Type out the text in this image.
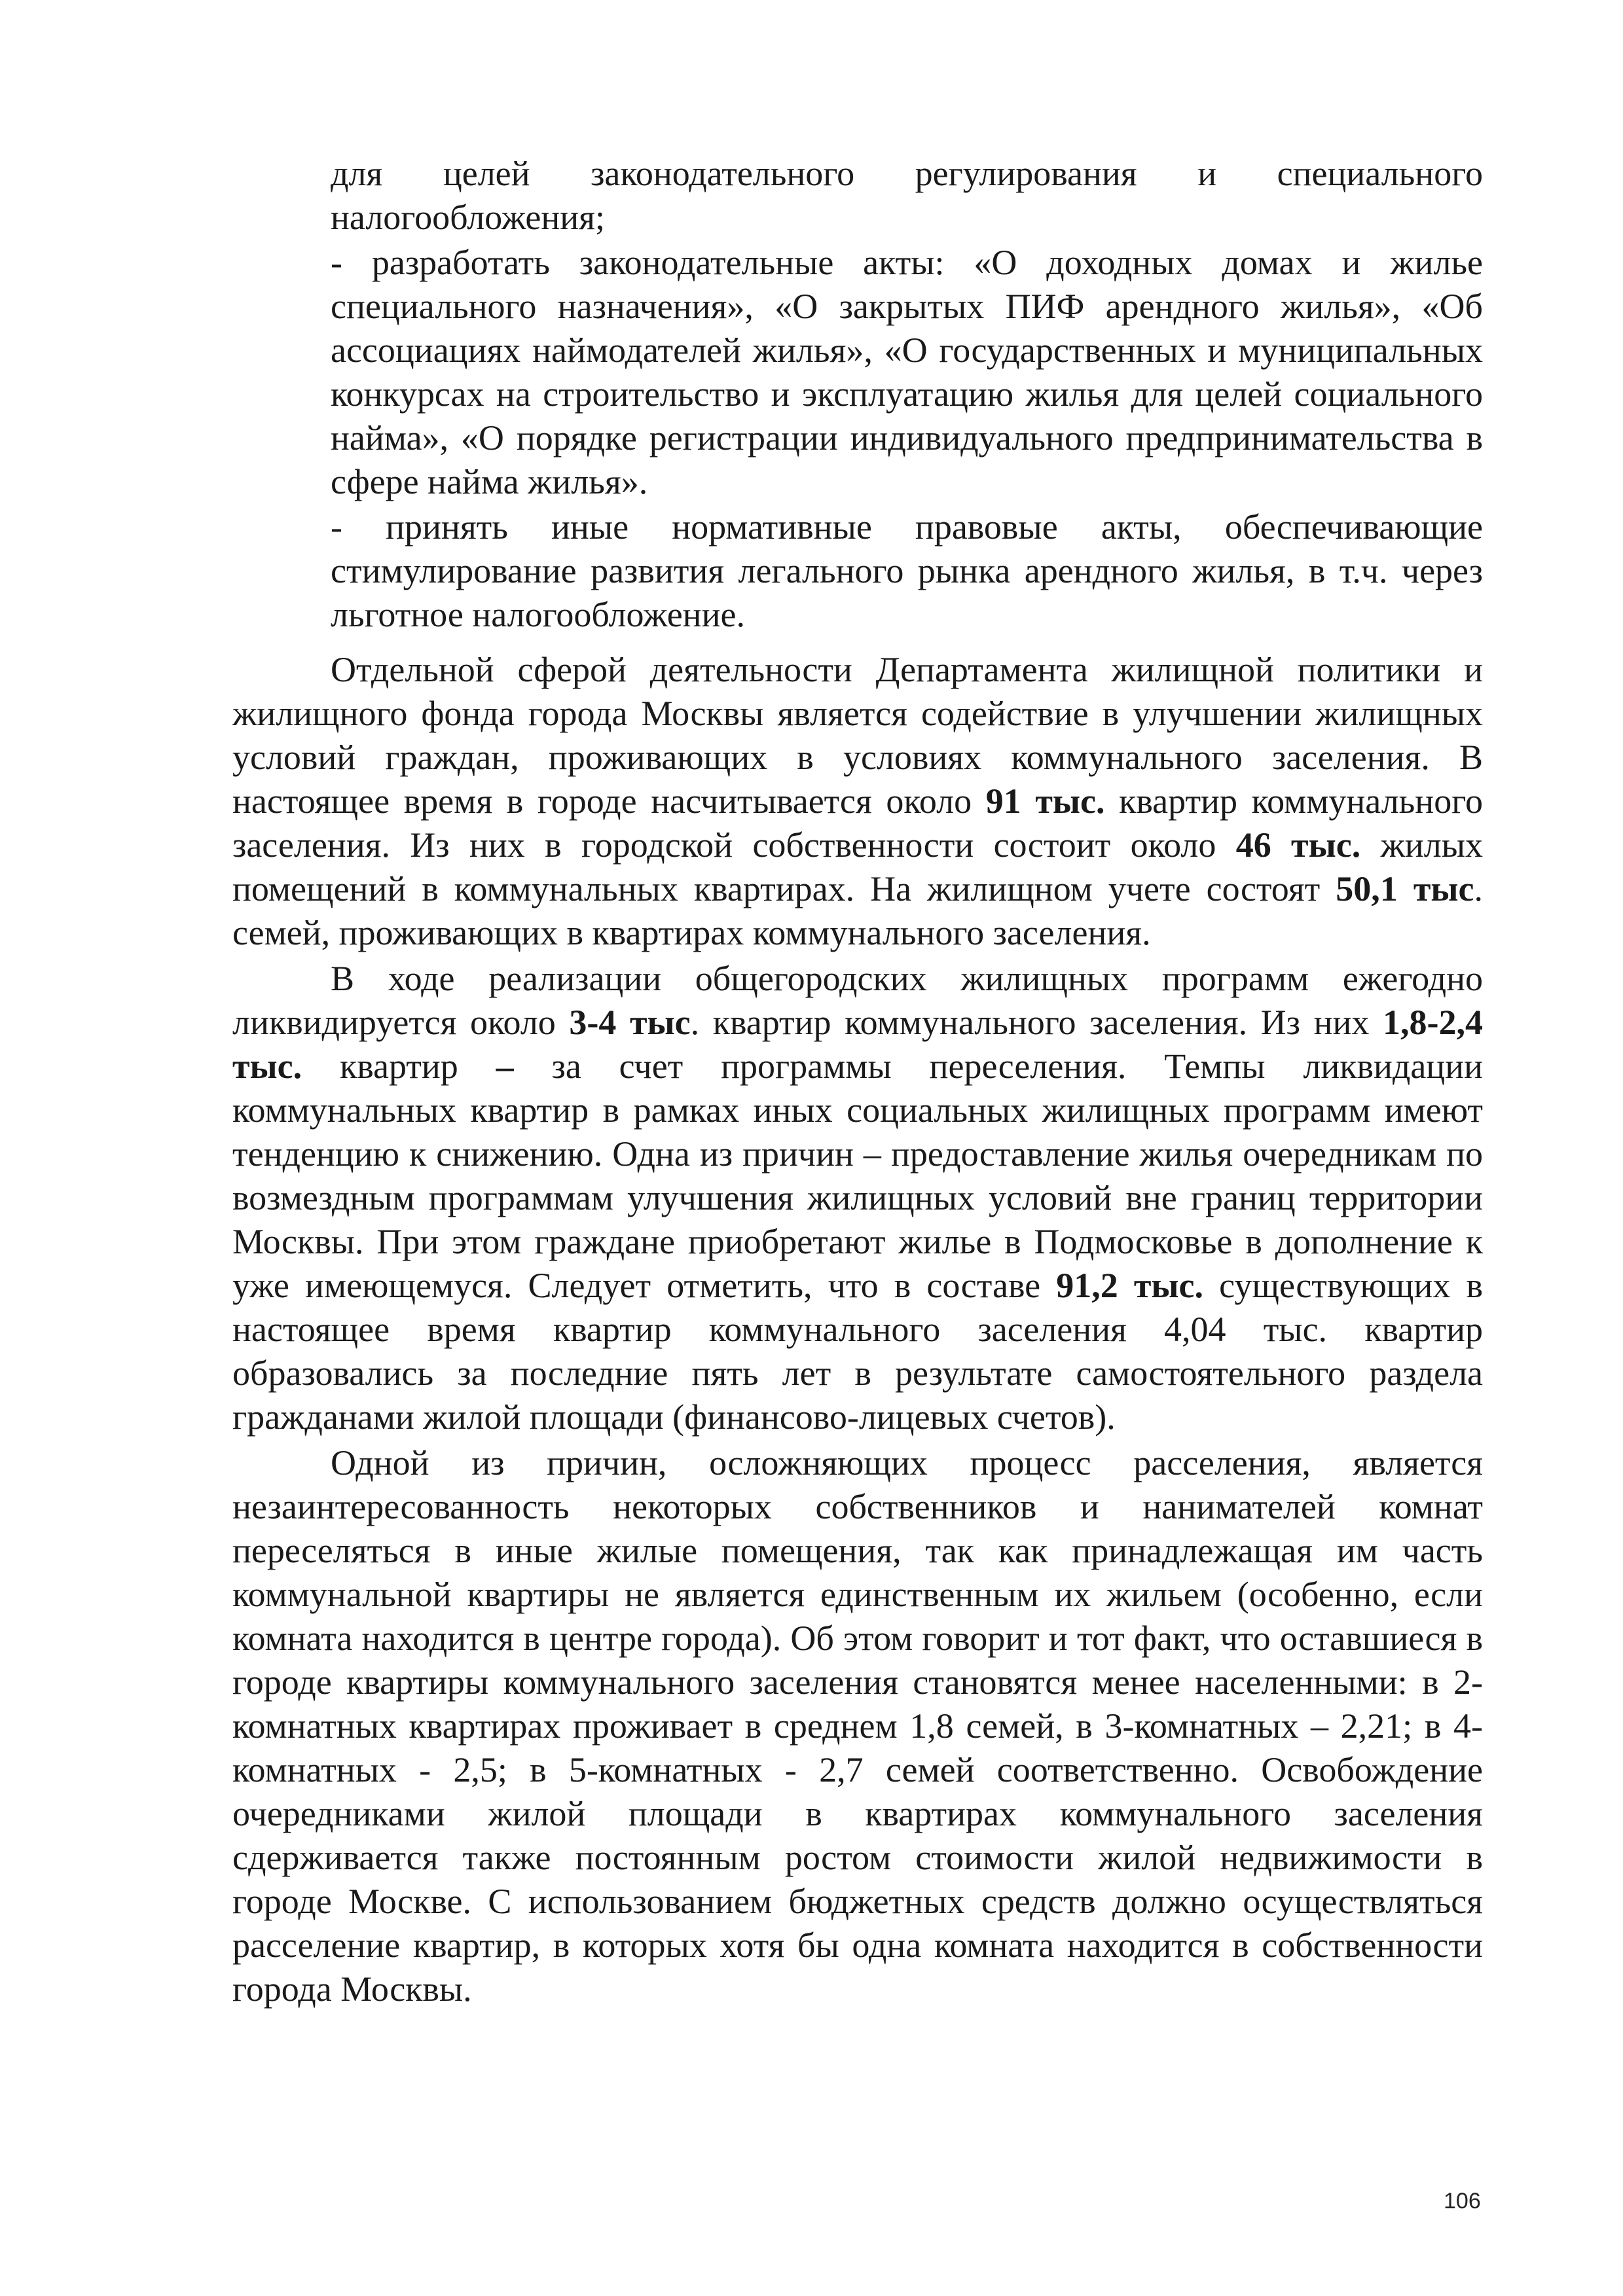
для целей законодательного регулирования и специального налогообложения;

- разработать законодательные акты: «О доходных домах и жилье специального назначения», «О закрытых ПИФ арендного жилья», «Об ассоциациях наймодателей жилья», «О государственных и муниципальных конкурсах на строительство и эксплуатацию жилья для целей социального найма», «О порядке регистрации индивидуального предпринимательства в сфере найма жилья».

- принять иные нормативные правовые акты, обеспечивающие стимулирование развития легального рынка арендного жилья, в т.ч. через льготное налогообложение.

Отдельной сферой деятельности Департамента жилищной политики и жилищного фонда города Москвы является содействие в улучшении жилищных условий граждан, проживающих в условиях коммунального заселения. В настоящее время в городе насчитывается около 91 тыс. квартир коммунального заселения. Из них в городской собственности состоит около 46 тыс. жилых помещений в коммунальных квартирах. На жилищном учете состоят 50,1 тыс. семей, проживающих в квартирах коммунального заселения.

В ходе реализации общегородских жилищных программ ежегодно ликвидируется около 3-4 тыс. квартир коммунального заселения. Из них 1,8-2,4 тыс. квартир – за счет программы переселения. Темпы ликвидации коммунальных квартир в рамках иных социальных жилищных программ имеют тенденцию к снижению. Одна из причин – предоставление жилья очередникам по возмездным программам улучшения жилищных условий вне границ территории Москвы. При этом граждане приобретают жилье в Подмосковье в дополнение к уже имеющемуся. Следует отметить, что в составе 91,2 тыс. существующих в настоящее время квартир коммунального заселения 4,04 тыс. квартир образовались за последние пять лет в результате самостоятельного раздела гражданами жилой площади (финансово-лицевых счетов).

Одной из причин, осложняющих процесс расселения, является незаинтересованность некоторых собственников и нанимателей комнат переселяться в иные жилые помещения, так как принадлежащая им часть коммунальной квартиры не является единственным их жильем (особенно, если комната находится в центре города). Об этом говорит и тот факт, что оставшиеся в городе квартиры коммунального заселения становятся менее населенными: в 2-комнатных квартирах проживает в среднем 1,8 семей, в 3-комнатных – 2,21; в 4-комнатных - 2,5; в 5-комнатных - 2,7 семей соответственно. Освобождение очередниками жилой площади в квартирах коммунального заселения сдерживается также постоянным ростом стоимости жилой недвижимости в городе Москве. С использованием бюджетных средств должно осуществляться расселение квартир, в которых хотя бы одна комната находится в собственности города Москвы.

106
